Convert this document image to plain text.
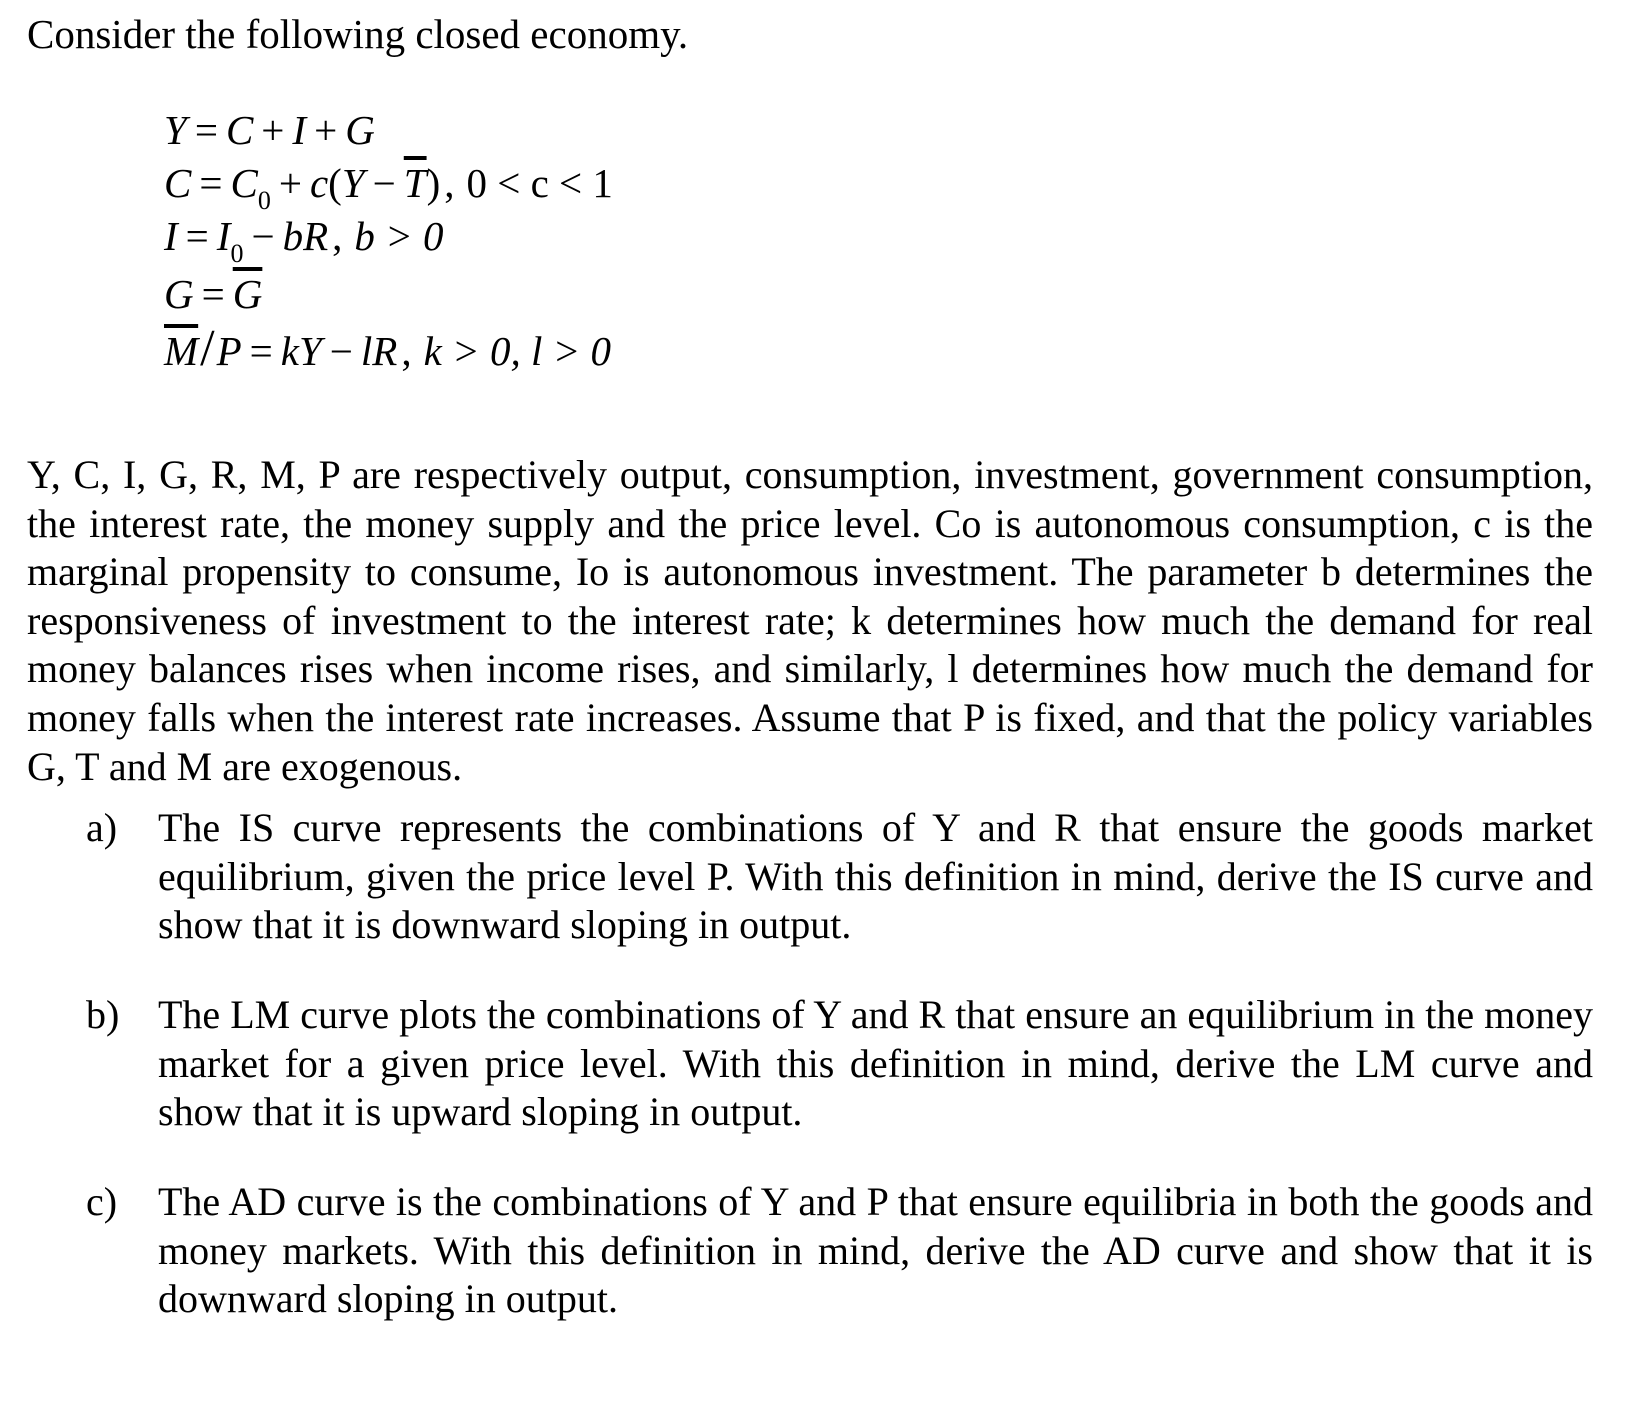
Consider the following closed economy.

Y = C + I + G
$C = C_0 + c(Y - \overline{T})$, 0 < c < 1
$I = I_0$ − bR, b > 0
$G = \overline{G}$
$\overline{M}/P$ = kY − lR, k > 0, l > 0

Y, C, I, G, R, M, P are respectively output, consumption, investment, government consumption, the interest rate, the money supply and the price level. Co is autonomous consumption, c is the marginal propensity to consume, Io is autonomous investment. The parameter b determines the responsiveness of investment to the interest rate; k determines how much the demand for real money balances rises when income rises, and similarly, l determines how much the demand for money falls when the interest rate increases. Assume that P is fixed, and that the policy variables G, T and M are exogenous.

a)	The IS curve represents the combinations of Y and R that ensure the goods market equilibrium, given the price level P. With this definition in mind, derive the IS curve and show that it is downward sloping in output.
b) The LM curve plots the combinations of Y and R that ensure an equilibrium in the money market for a given price level. With this definition in mind, derive the LM curve and show that it is upward sloping in output.
c)	The AD curve is the combinations of Y and P that ensure equilibria in both the goods and money markets. With this definition in mind, derive the AD curve and show that it is downward sloping in output.
